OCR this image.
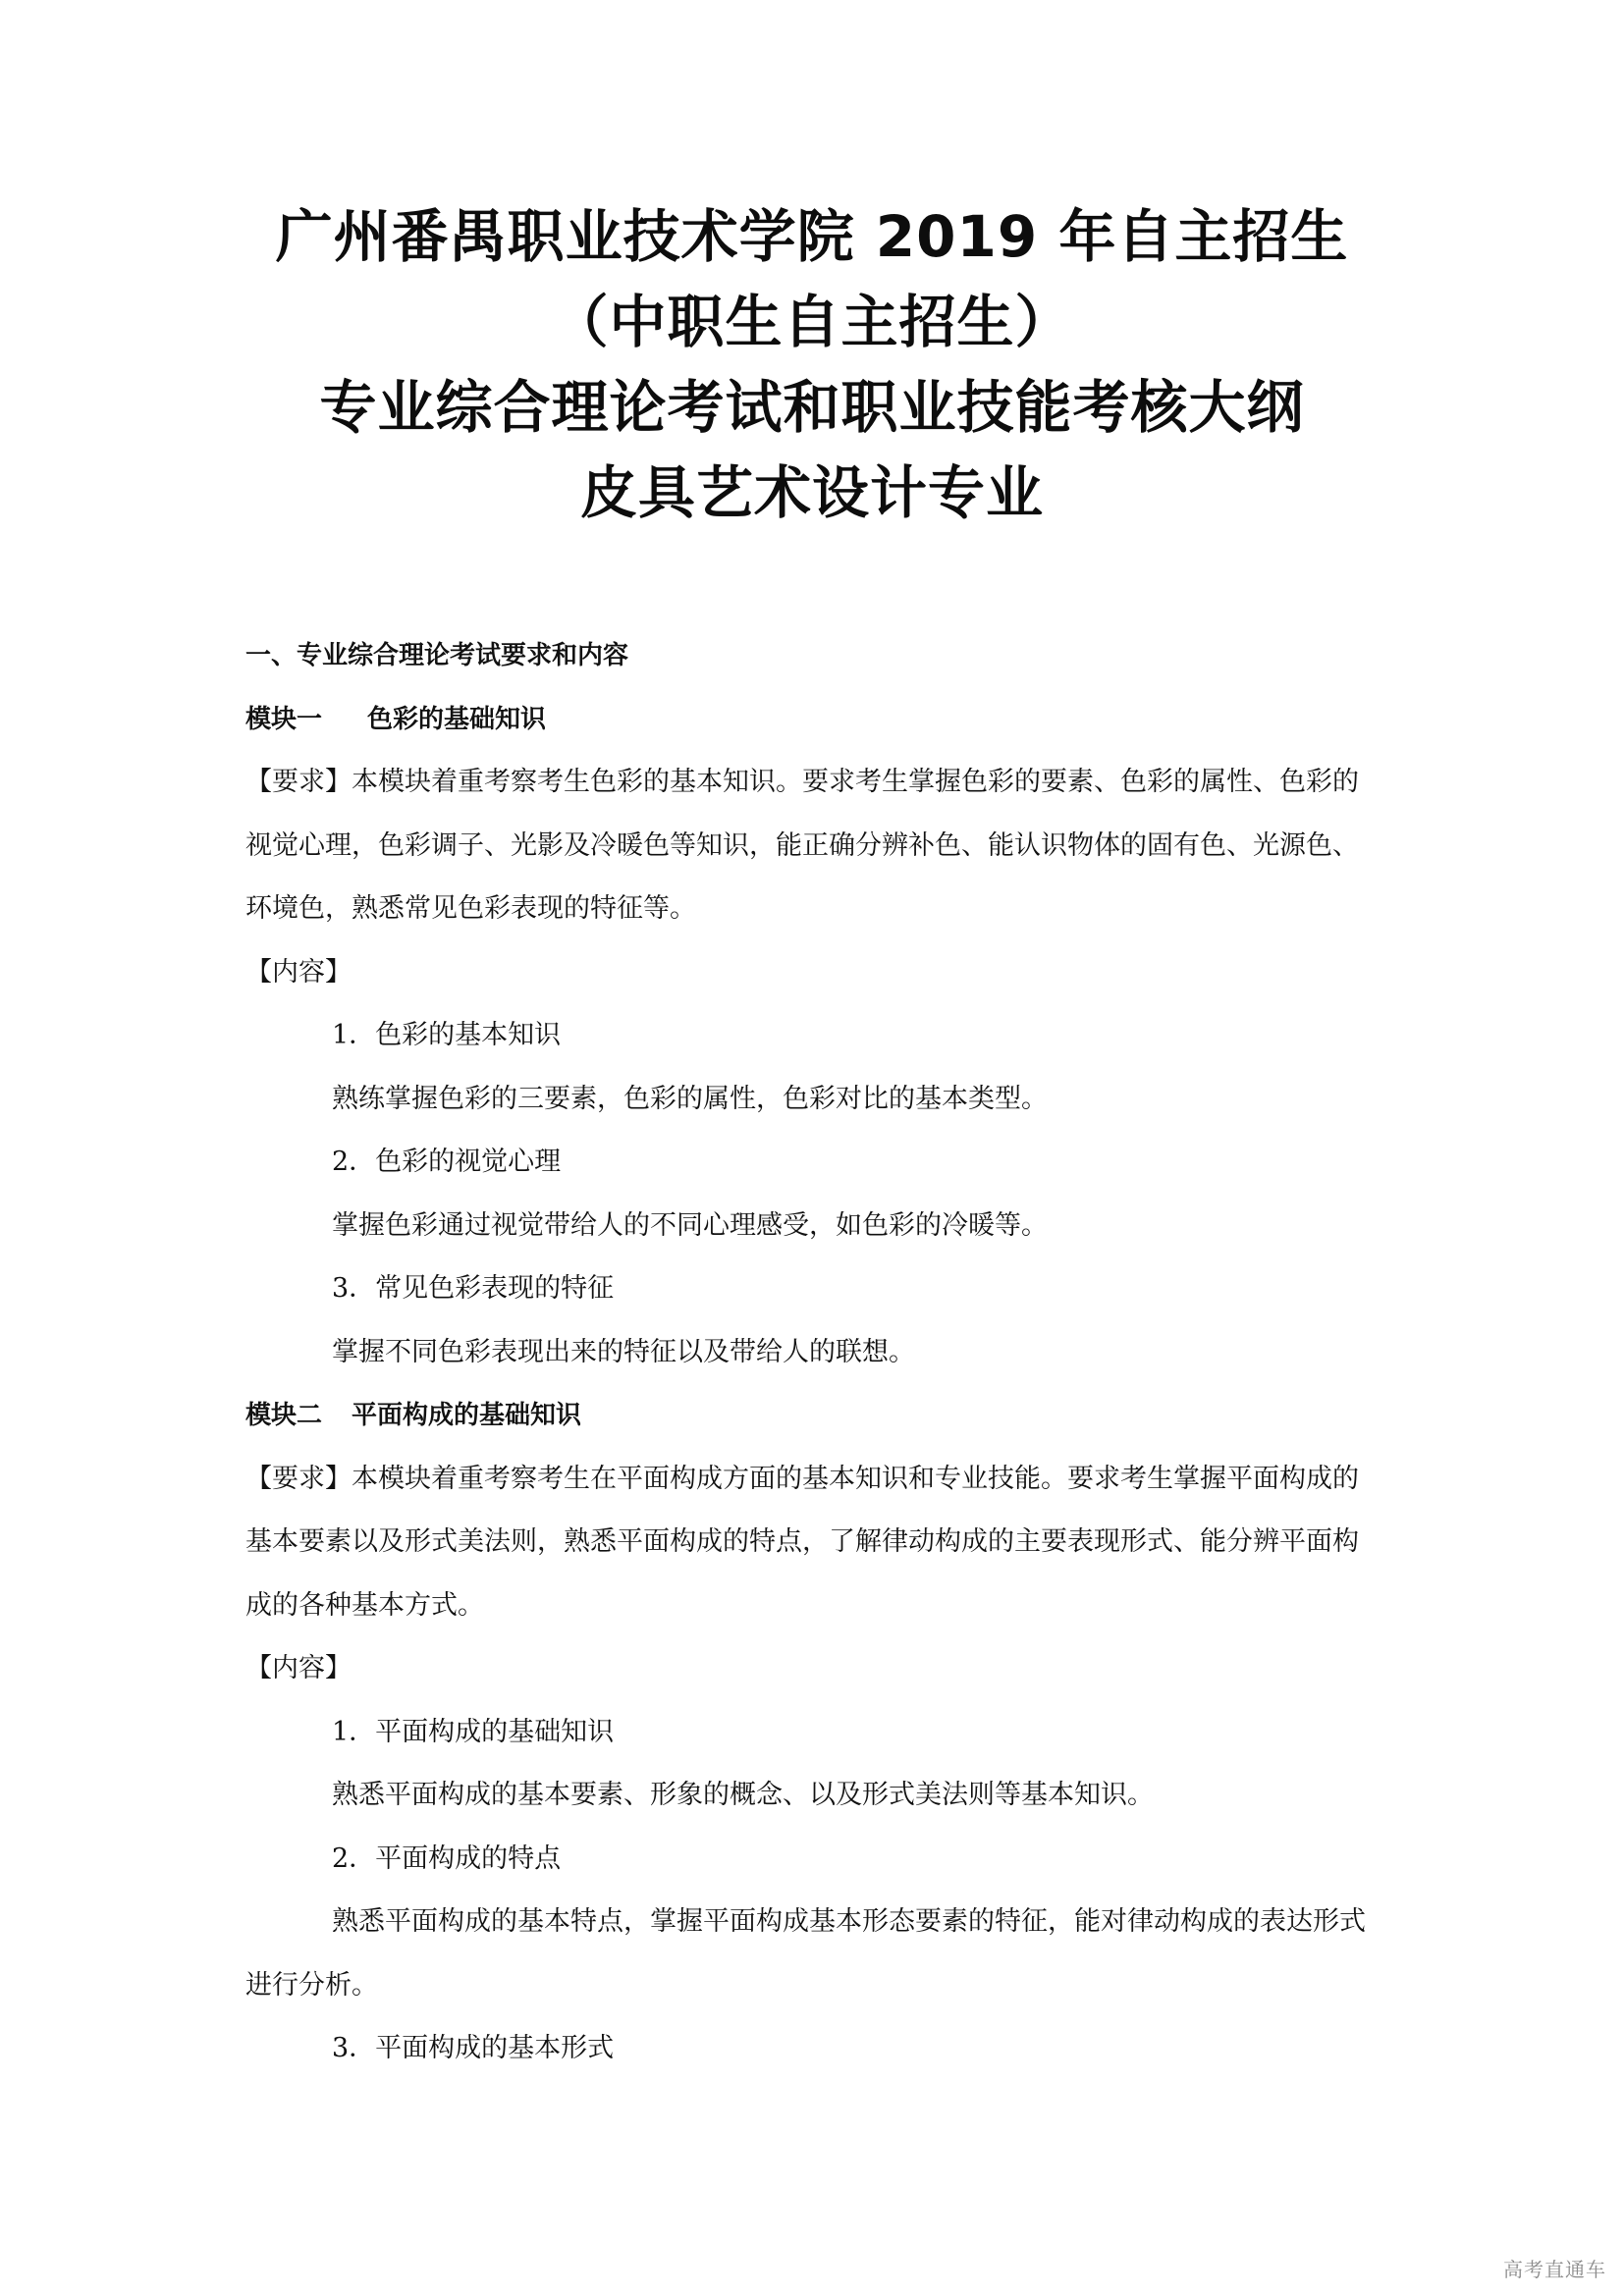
广州番禺职业技术学院 2019 年自主招生
（中职生自主招生）
专业综合理论考试和职业技能考核大纲
皮具艺术设计专业
一、专业综合理论考试要求和内容
模块一 色彩的基础知识
【要求】本模块着重考察考生色彩的基本知识。要求考生掌握色彩的要素、色彩的属性、色彩的
视觉心理，色彩调子、光影及冷暖色等知识，能正确分辨补色、能认识物体的固有色、光源色、
环境色，熟悉常见色彩表现的特征等。
【内容】
1．色彩的基本知识
熟练掌握色彩的三要素，色彩的属性，色彩对比的基本类型。
2．色彩的视觉心理
掌握色彩通过视觉带给人的不同心理感受，如色彩的冷暖等。
3．常见色彩表现的特征
掌握不同色彩表现出来的特征以及带给人的联想。
模块二 平面构成的基础知识
【要求】本模块着重考察考生在平面构成方面的基本知识和专业技能。要求考生掌握平面构成的
基本要素以及形式美法则，熟悉平面构成的特点，了解律动构成的主要表现形式、能分辨平面构
成的各种基本方式。
【内容】
1．平面构成的基础知识
熟悉平面构成的基本要素、形象的概念、以及形式美法则等基本知识。
2．平面构成的特点
熟悉平面构成的基本特点，掌握平面构成基本形态要素的特征，能对律动构成的表达形式
进行分析。
3．平面构成的基本形式
高考直通车
